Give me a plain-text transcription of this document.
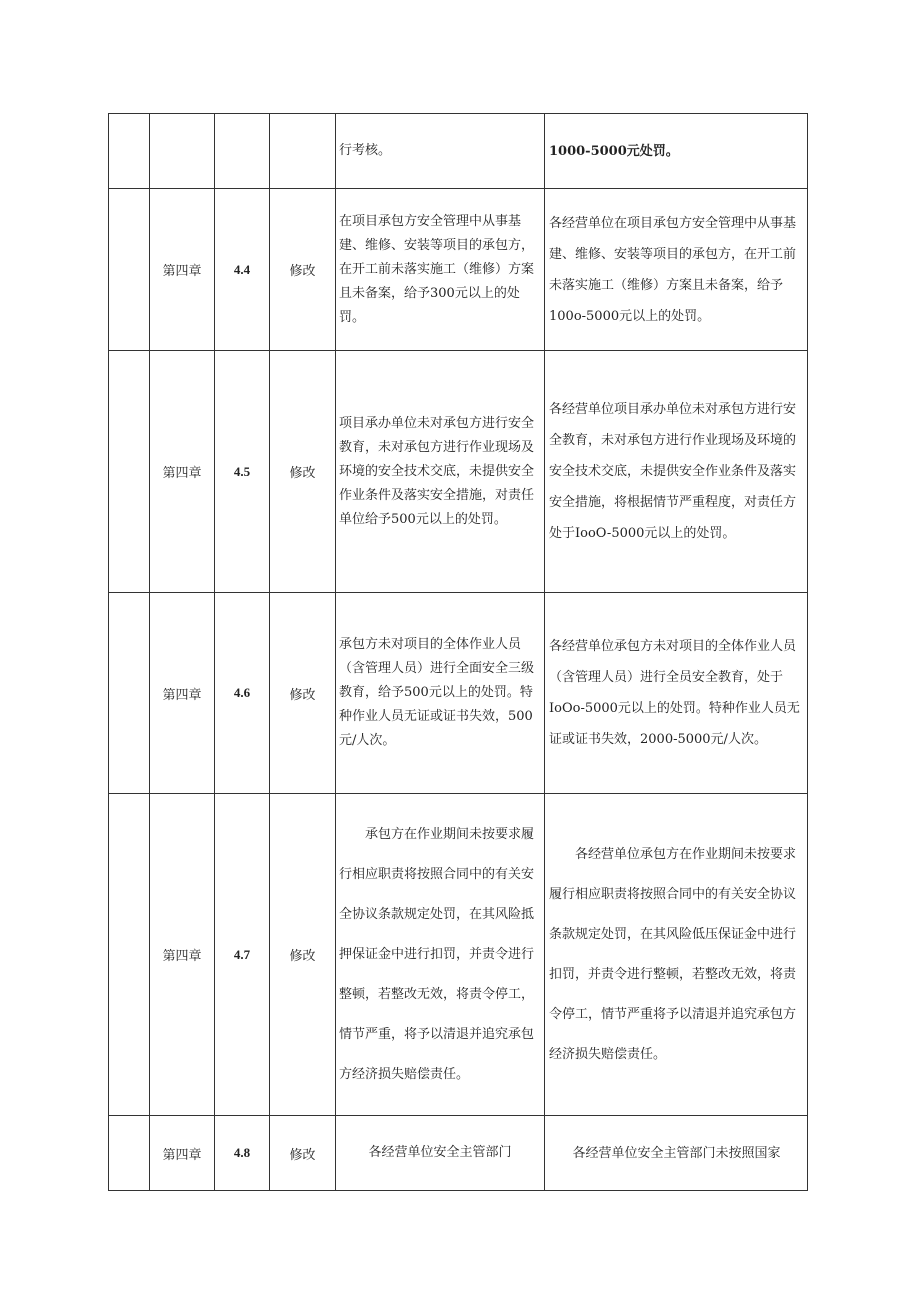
				行考核。	1000-5000元处罚。

	第四章	4.4	修改	在项目承包方安全管理中从事基建、维修、安装等项目的承包方，在开工前未落实施工（维修）方案且未备案，给予300元以上的处罚。	各经营单位在项目承包方安全管理中从事基建、维修、安装等项目的承包方，在开工前未落实施工（维修）方案且未备案，给予100o-5000元以上的处罚。

	第四章	4.5	修改	项目承办单位未对承包方进行安全教育，未对承包方进行作业现场及环境的安全技术交底，未提供安全作业条件及落实安全措施，对责任单位给予500元以上的处罚。	各经营单位项目承办单位未对承包方进行安全教育，未对承包方进行作业现场及环境的安全技术交底，未提供安全作业条件及落实安全措施，将根据情节严重程度，对责任方处于IooO-5000元以上的处罚。

	第四章	4.6	修改	承包方未对项目的全体作业人员（含管理人员）进行全面安全三级教育，给予500元以上的处罚。特种作业人员无证或证书失效，500元/人次。	各经营单位承包方未对项目的全体作业人员（含管理人员）进行全员安全教育，处于IoOo-5000元以上的处罚。特种作业人员无证或证书失效，2000-5000元/人次。

	第四章	4.7	修改	承包方在作业期间未按要求履行相应职责将按照合同中的有关安全协议条款规定处罚，在其风险抵押保证金中进行扣罚，并责令进行整顿，若整改无效，将责令停工，情节严重，将予以清退并追究承包方经济损失赔偿责任。	各经营单位承包方在作业期间未按要求履行相应职责将按照合同中的有关安全协议条款规定处罚，在其风险低压保证金中进行扣罚，并责令进行整顿，若整改无效，将责令停工，情节严重将予以清退并追究承包方经济损失赔偿责任。

	第四章	4.8	修改	各经营单位安全主管部门	各经营单位安全主管部门未按照国家
